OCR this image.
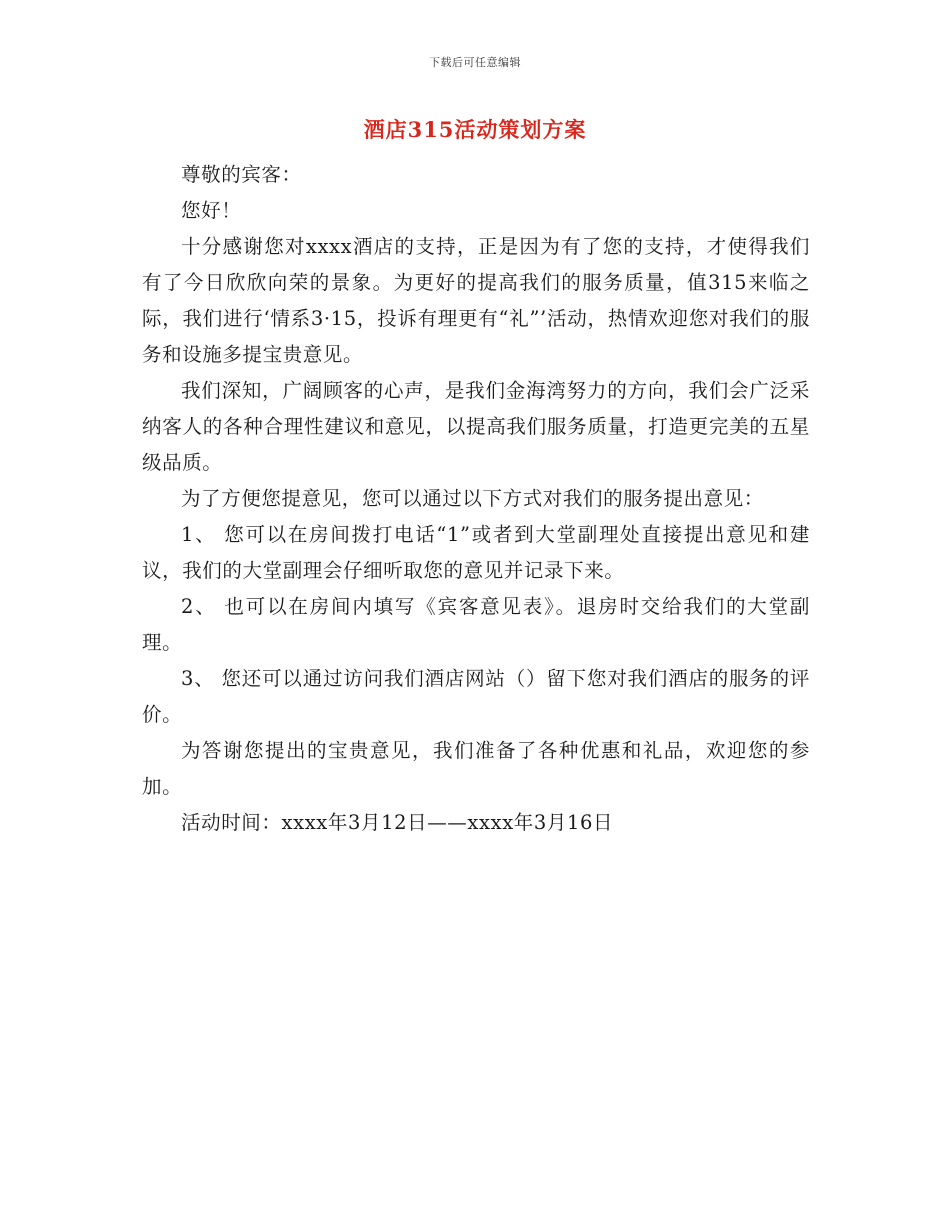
下载后可任意编辑
酒店315活动策划方案

尊敬的宾客：

您好！

十分感谢您对xxxx酒店的支持，正是因为有了您的支持，才使得我们有了今日欣欣向荣的景象。为更好的提高我们的服务质量，值315来临之际，我们进行‘情系3·15，投诉有理更有“礼”’活动，热情欢迎您对我们的服务和设施多提宝贵意见。

我们深知，广阔顾客的心声，是我们金海湾努力的方向，我们会广泛采纳客人的各种合理性建议和意见，以提高我们服务质量，打造更完美的五星级品质。

为了方便您提意见，您可以通过以下方式对我们的服务提出意见：

1、 您可以在房间拨打电话“1”或者到大堂副理处直接提出意见和建议，我们的大堂副理会仔细听取您的意见并记录下来。

2、 也可以在房间内填写《宾客意见表》。退房时交给我们的大堂副理。

3、 您还可以通过访问我们酒店网站（）留下您对我们酒店的服务的评价。

为答谢您提出的宝贵意见，我们准备了各种优惠和礼品，欢迎您的参加。

活动时间：xxxx年3月12日——xxxx年3月16日
